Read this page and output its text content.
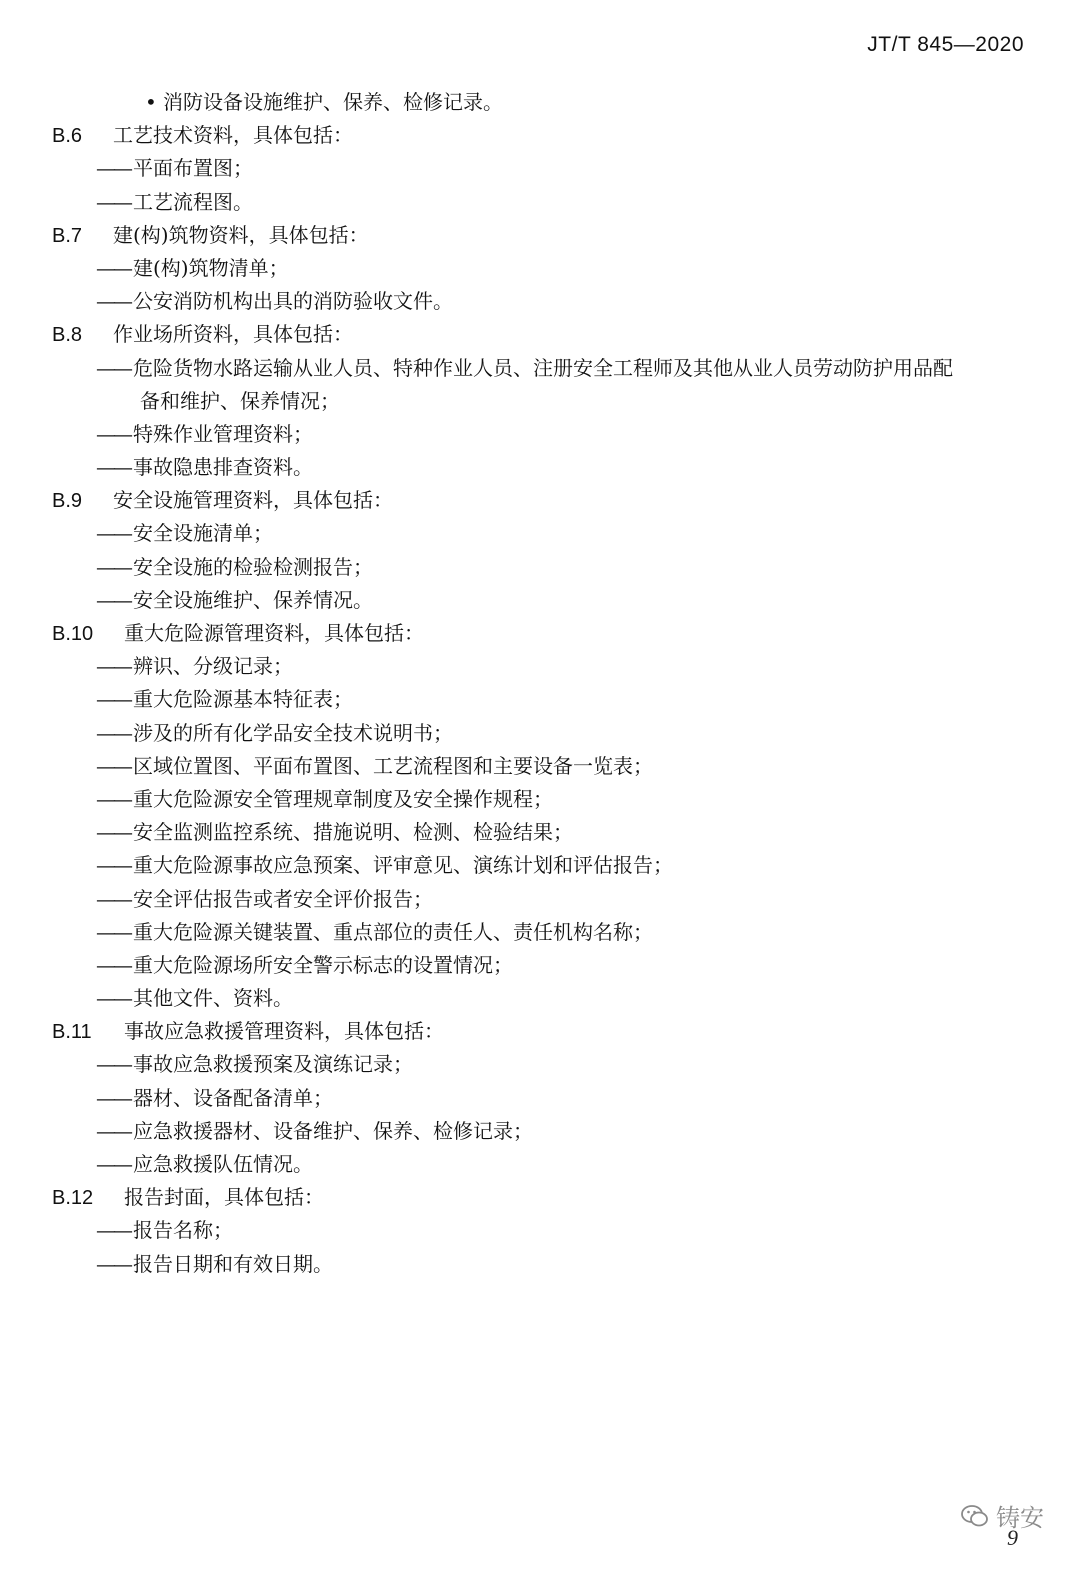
JT/T 845—2020
• 消防设备设施维护、保养、检修记录。
B.6 工艺技术资料，具体包括：
—— 平面布置图；
—— 工艺流程图。
B.7 建(构)筑物资料，具体包括：
—— 建(构)筑物清单；
—— 公安消防机构出具的消防验收文件。
B.8 作业场所资料，具体包括：
—— 危险货物水路运输从业人员、特种作业人员、注册安全工程师及其他从业人员劳动防护用品配
备和维护、保养情况；
—— 特殊作业管理资料；
—— 事故隐患排查资料。
B.9 安全设施管理资料，具体包括：
—— 安全设施清单；
—— 安全设施的检验检测报告；
—— 安全设施维护、保养情况。
B.10 重大危险源管理资料，具体包括：
—— 辨识、分级记录；
—— 重大危险源基本特征表；
—— 涉及的所有化学品安全技术说明书；
—— 区域位置图、平面布置图、工艺流程图和主要设备一览表；
—— 重大危险源安全管理规章制度及安全操作规程；
—— 安全监测监控系统、措施说明、检测、检验结果；
—— 重大危险源事故应急预案、评审意见、演练计划和评估报告；
—— 安全评估报告或者安全评价报告；
—— 重大危险源关键装置、重点部位的责任人、责任机构名称；
—— 重大危险源场所安全警示标志的设置情况；
—— 其他文件、资料。
B.11 事故应急救援管理资料，具体包括：
—— 事故应急救援预案及演练记录；
—— 器材、设备配备清单；
—— 应急救援器材、设备维护、保养、检修记录；
—— 应急救援队伍情况。
B.12 报告封面，具体包括：
—— 报告名称；
—— 报告日期和有效日期。
铸安
9
